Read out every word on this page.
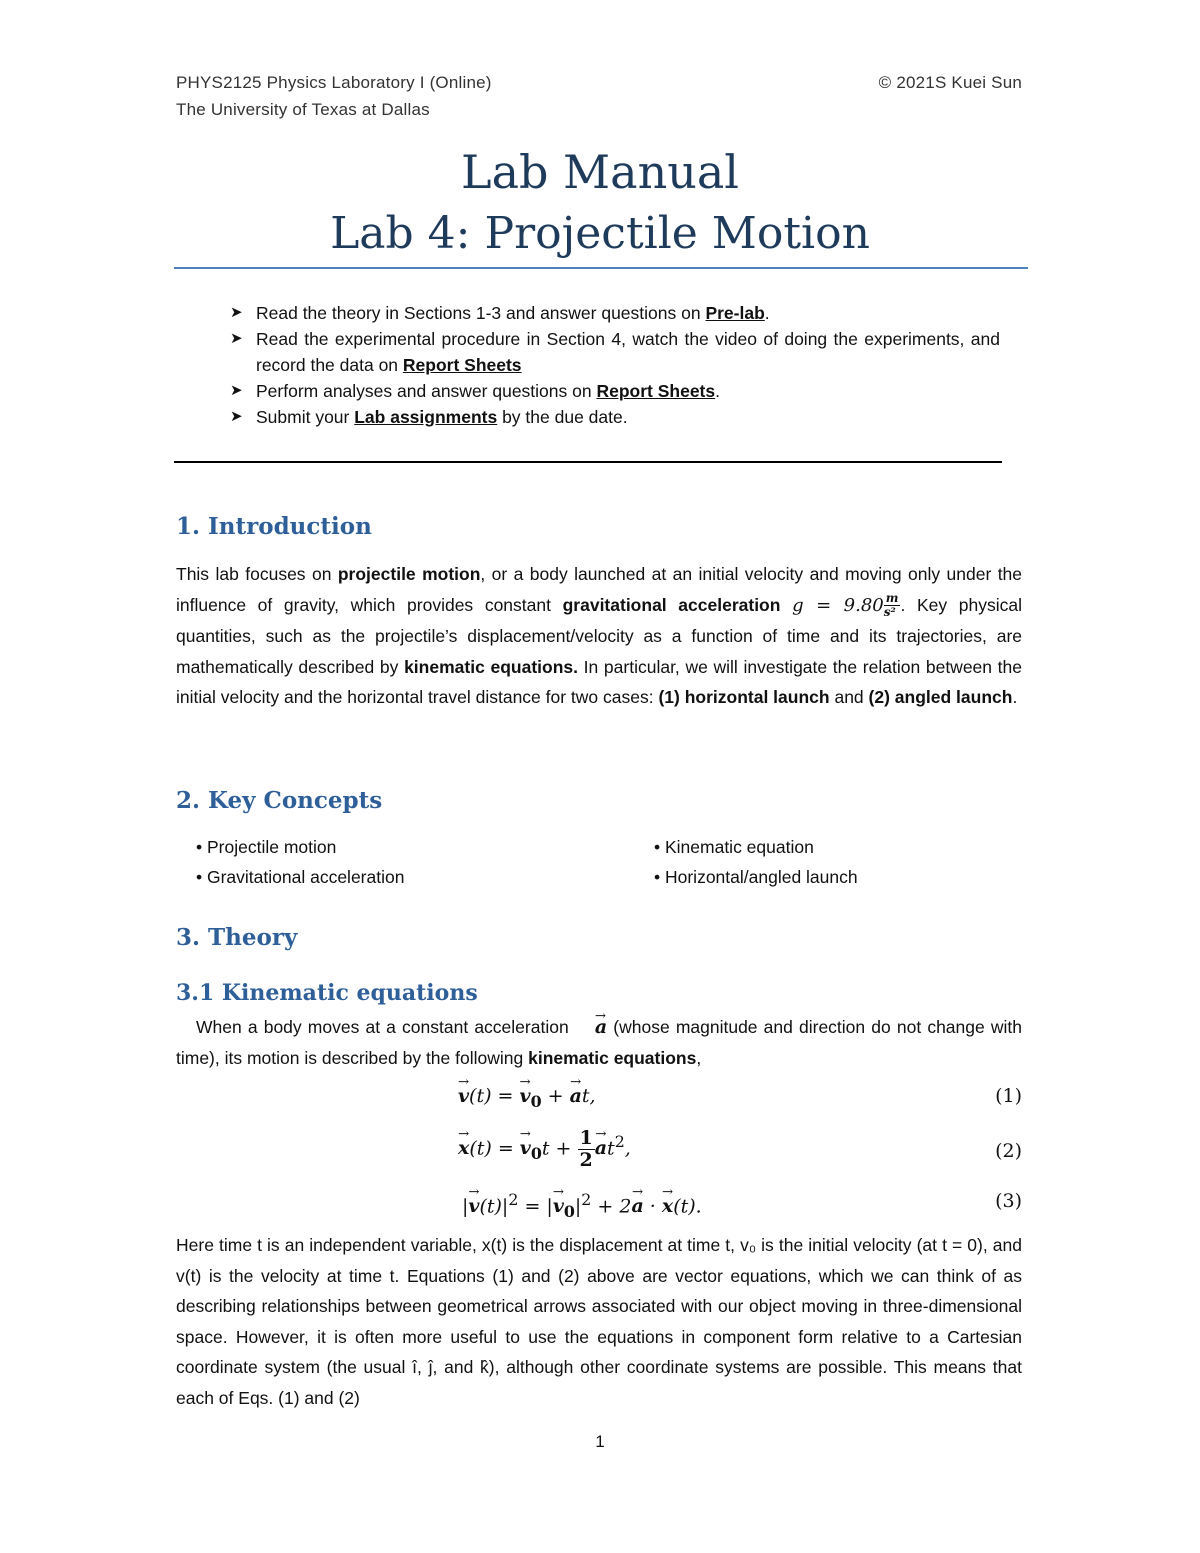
PHYS2125 Physics Laboratory I (Online)
The University of Texas at Dallas
© 2021S Kuei Sun
Lab Manual
Lab 4: Projectile Motion
➤ Read the theory in Sections 1-3 and answer questions on Pre-lab.
➤ Read the experimental procedure in Section 4, watch the video of doing the experiments, and record the data on Report Sheets
➤ Perform analyses and answer questions on Report Sheets.
➤ Submit your Lab assignments by the due date.
1. Introduction
This lab focuses on projectile motion, or a body launched at an initial velocity and moving only under the influence of gravity, which provides constant gravitational acceleration $g = 9.80 \frac{m}{\text{s²}}$ . Key physical quantities, such as the projectile’s displacement/velocity as a function of time and its trajectories, are mathematically described by kinematic equations. In particular, we will investigate the relation between the initial velocity and the horizontal travel distance for two cases: (1) horizontal launch and (2) angled launch.
2. Key Concepts
• Projectile motion	• Kinematic equation
• Gravitational acceleration	• Horizontal/angled launch
3. Theory
3.1 Kinematic equations
When a body moves at a constant acceleration → a (whose magnitude and direction do not change with time), its motion is described by the following kinematic equations,
→ v(t) = → $v_0$ + → at,	(1)
→ x(t) = → $v_0t + \frac{1}{2}$
→ $at^2$,	(2)
|→ $v(t)|^2$ = |→ $v_0|^2 + 2\to a$ · → x(t).	(3)
Here time t is an independent variable, x(t) is the displacement at time t, v₀ is the initial velocity (at t = 0), and v(t) is the velocity at time t. Equations (1) and (2) above are vector equations, which we can think of as describing relationships between geometrical arrows associated with our object moving in three-dimensional space. However, it is often more useful to use the equations in component form relative to a Cartesian coordinate system (the usual î, ĵ, and k̂), although other coordinate systems are possible. This means that each of Eqs. (1) and (2)
1
